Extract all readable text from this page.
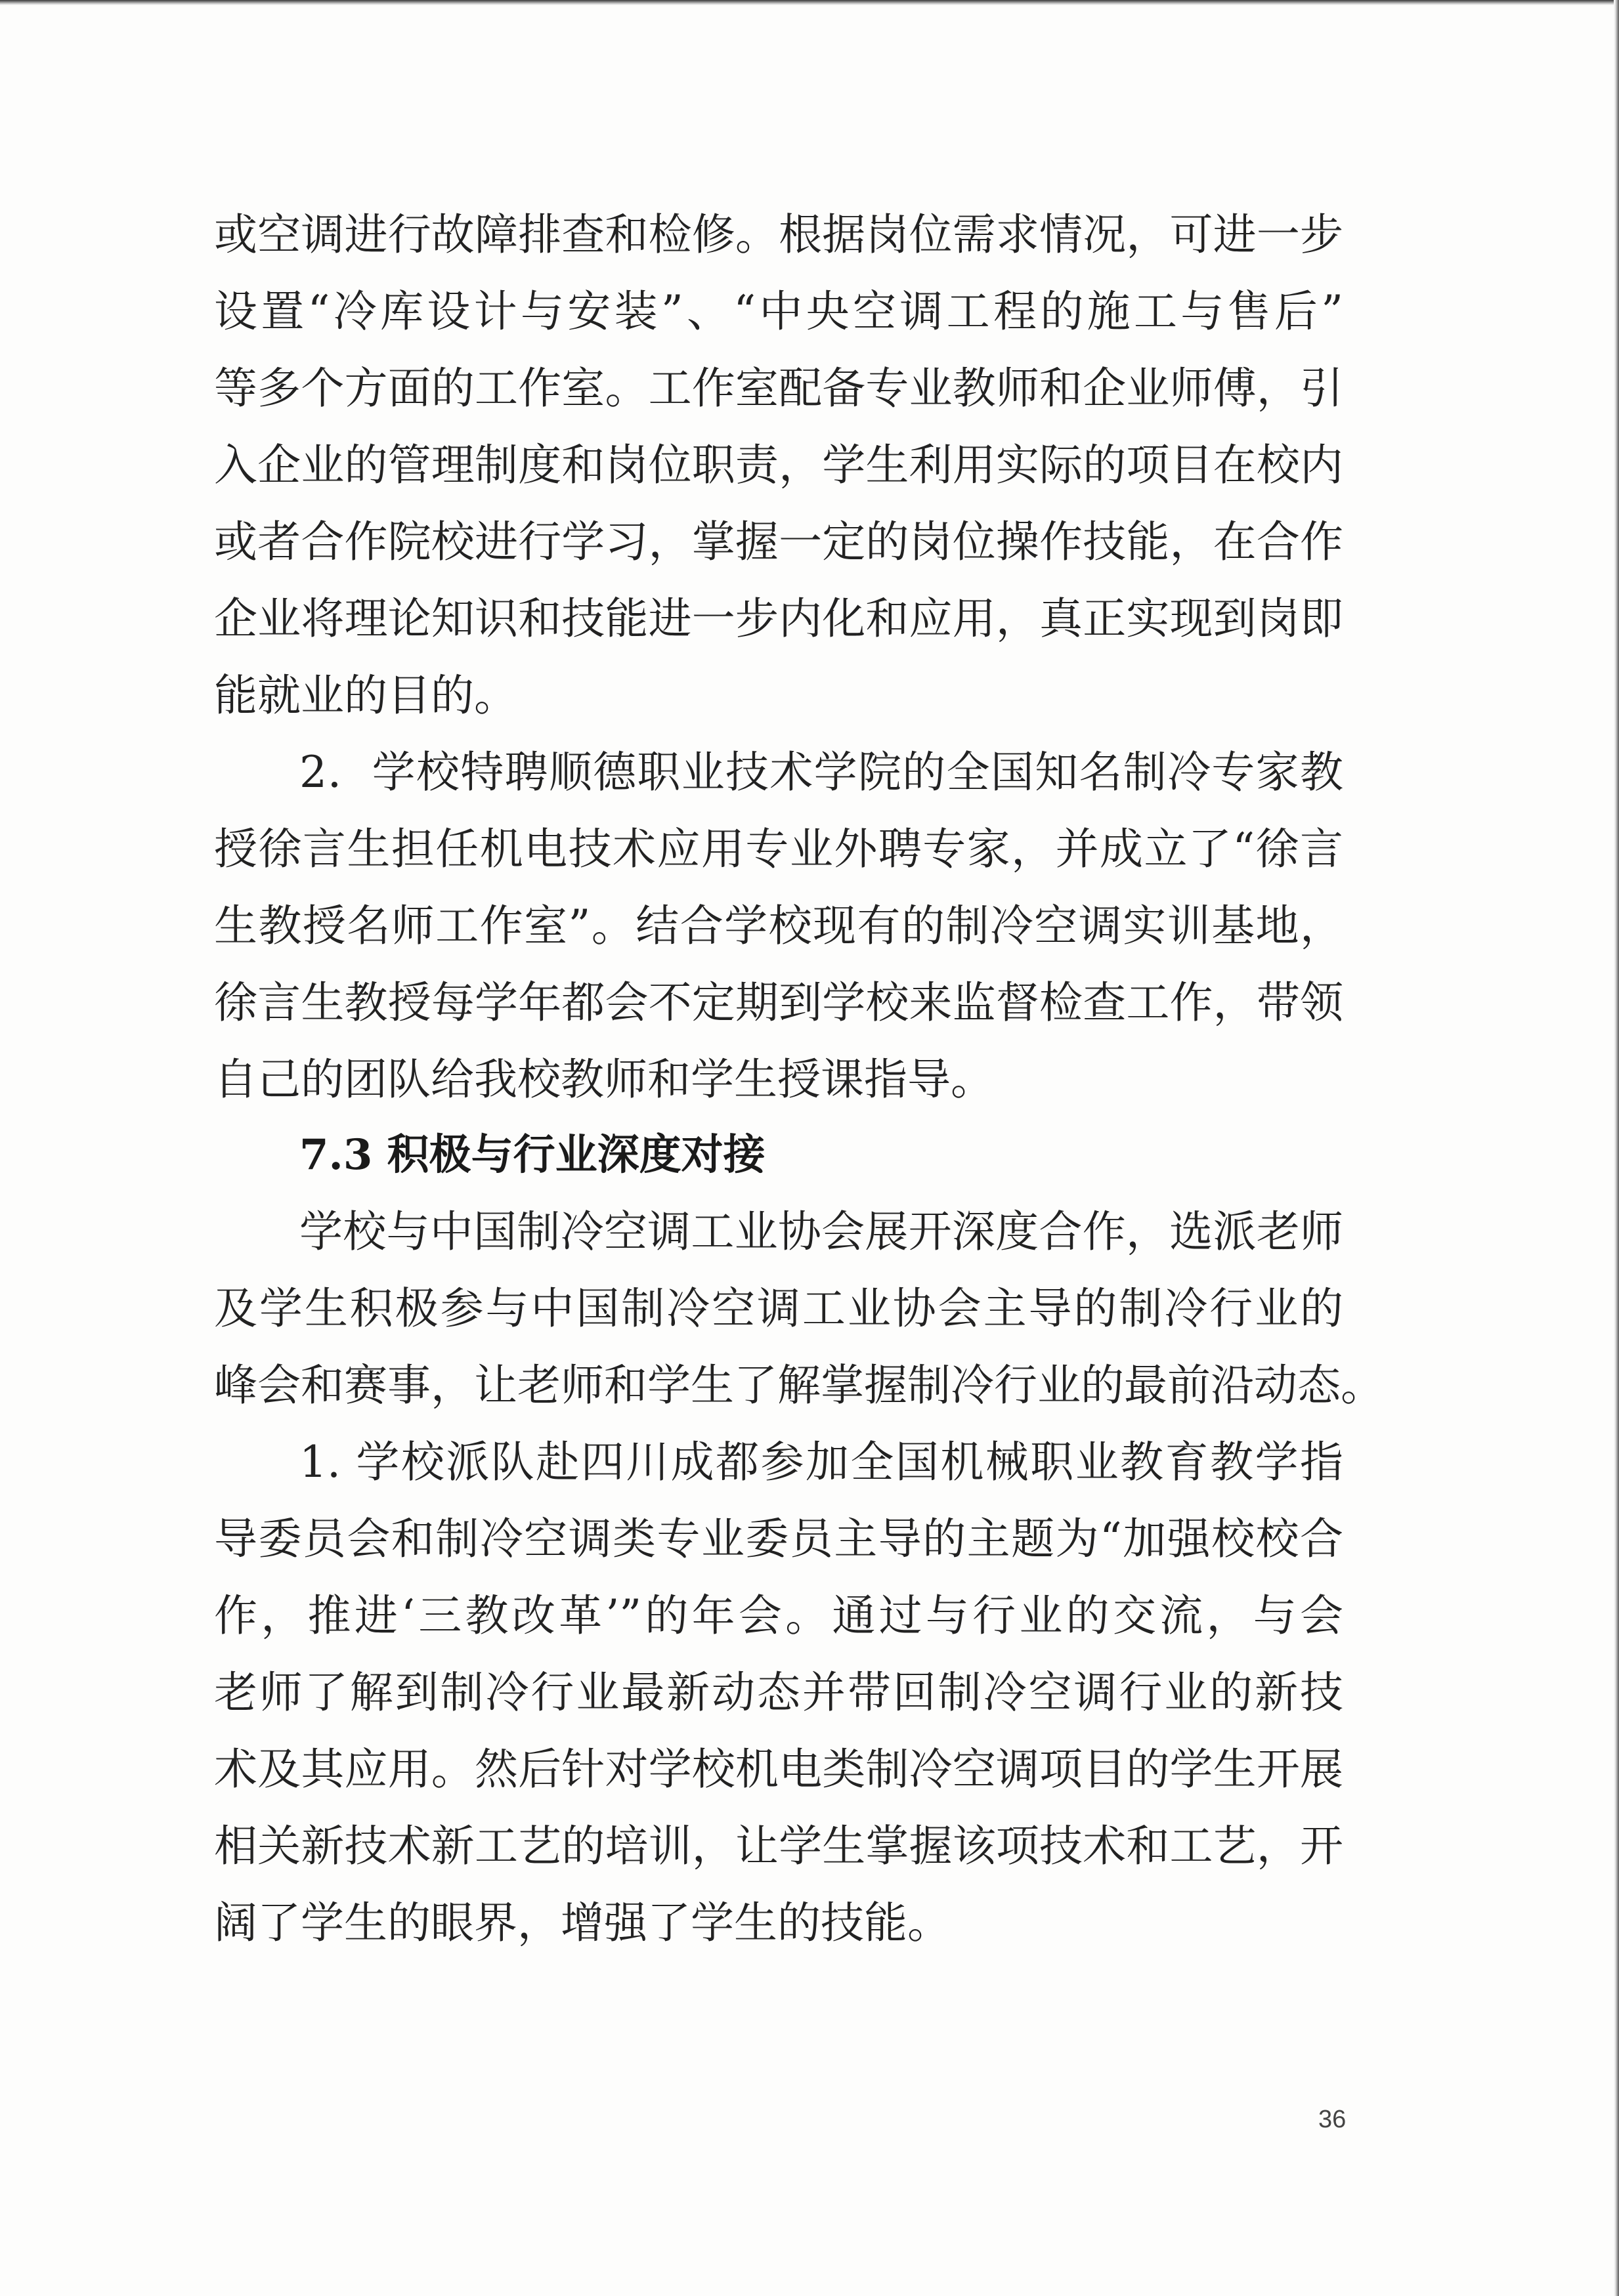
或空调进行故障排查和检修。根据岗位需求情况，可进一步
设置“冷库设计与安装”、“中央空调工程的施工与售后”
等多个方面的工作室。工作室配备专业教师和企业师傅，引
入企业的管理制度和岗位职责，学生利用实际的项目在校内
或者合作院校进行学习，掌握一定的岗位操作技能，在合作
企业将理论知识和技能进一步内化和应用，真正实现到岗即
能就业的目的。
2．学校特聘顺德职业技术学院的全国知名制冷专家教
授徐言生担任机电技术应用专业外聘专家，并成立了“徐言
生教授名师工作室”。结合学校现有的制冷空调实训基地，
徐言生教授每学年都会不定期到学校来监督检查工作，带领
自己的团队给我校教师和学生授课指导。
7.3 积极与行业深度对接
学校与中国制冷空调工业协会展开深度合作，选派老师
及学生积极参与中国制冷空调工业协会主导的制冷行业的
峰会和赛事，让老师和学生了解掌握制冷行业的最前沿动态。
1. 学校派队赴四川成都参加全国机械职业教育教学指
导委员会和制冷空调类专业委员主导的主题为“加强校校合
作，推进‘三教改革’”的年会。通过与行业的交流，与会
老师了解到制冷行业最新动态并带回制冷空调行业的新技
术及其应用。然后针对学校机电类制冷空调项目的学生开展
相关新技术新工艺的培训，让学生掌握该项技术和工艺，开
阔了学生的眼界，增强了学生的技能。
36
